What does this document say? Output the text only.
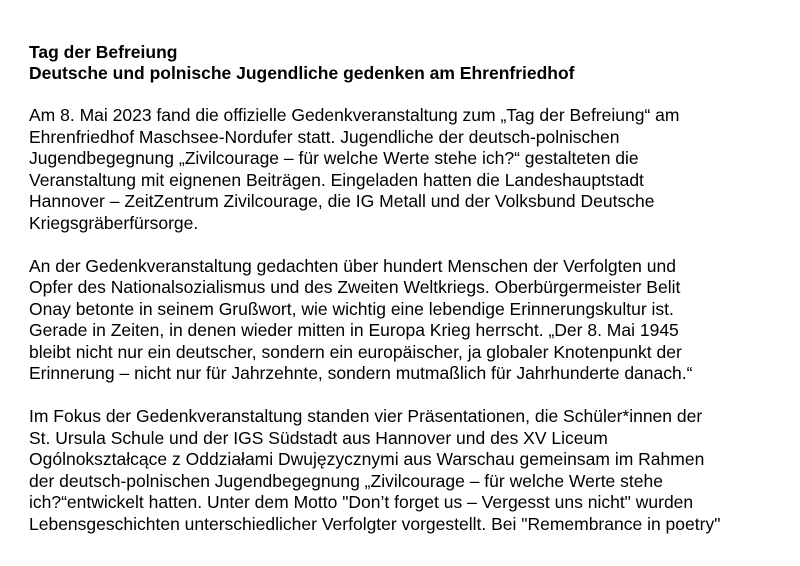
Tag der Befreiung

Deutsche und polnische Jugendliche gedenken am Ehrenfriedhof

Am 8. Mai 2023 fand die offizielle Gedenkveranstaltung zum „Tag der Befreiung“ am
Ehrenfriedhof Maschsee-Nordufer statt. Jugendliche der deutsch-polnischen
Jugendbegegnung „Zivilcourage – für welche Werte stehe ich?“ gestalteten die
Veranstaltung mit eignenen Beiträgen. Eingeladen hatten die Landeshauptstadt
Hannover – ZeitZentrum Zivilcourage, die IG Metall und der Volksbund Deutsche
Kriegsgräberfürsorge.

An der Gedenkveranstaltung gedachten über hundert Menschen der Verfolgten und
Opfer des Nationalsozialismus und des Zweiten Weltkriegs. Oberbürgermeister Belit
Onay betonte in seinem Grußwort, wie wichtig eine lebendige Erinnerungskultur ist.
Gerade in Zeiten, in denen wieder mitten in Europa Krieg herrscht. „Der 8. Mai 1945
bleibt nicht nur ein deutscher, sondern ein europäischer, ja globaler Knotenpunkt der
Erinnerung – nicht nur für Jahrzehnte, sondern mutmaßlich für Jahrhunderte danach.“

Im Fokus der Gedenkveranstaltung standen vier Präsentationen, die Schüler*innen der
St. Ursula Schule und der IGS Südstadt aus Hannover und des XV Liceum
Ogólnokształcące z Oddziałami Dwujęzycznymi aus Warschau gemeinsam im Rahmen
der deutsch-polnischen Jugendbegegnung „Zivilcourage – für welche Werte stehe
ich?“entwickelt hatten. Unter dem Motto "Don’t forget us – Vergesst uns nicht" wurden
Lebensgeschichten unterschiedlicher Verfolgter vorgestellt. Bei "Remembrance in poetry"
